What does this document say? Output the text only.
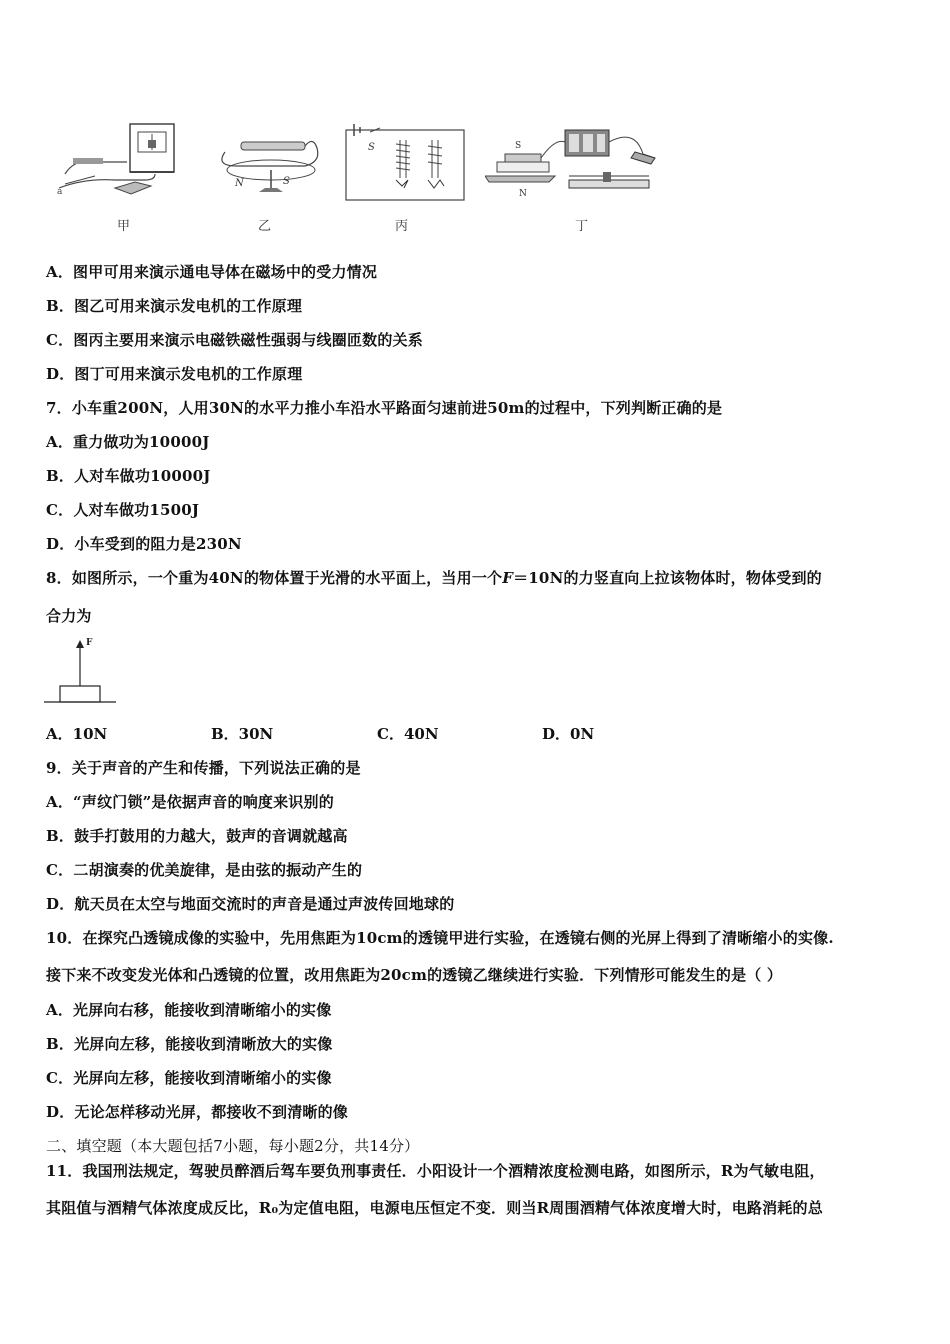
a
甲
N	S
乙
S
丙
S
N
丁
A．图甲可用来演示通电导体在磁场中的受力情况
B．图乙可用来演示发电机的工作原理
C．图丙主要用来演示电磁铁磁性强弱与线圈匝数的关系
D．图丁可用来演示发电机的工作原理
7．小车重200N，人用30N的水平力推小车沿水平路面匀速前进50m的过程中，下列判断正确的是
A．重力做功为10000J
B．人对车做功10000J
C．人对车做功1500J
D．小车受到的阻力是230N
8．如图所示，一个重为40N的物体置于光滑的水平面上，当用一个F＝10N的力竖直向上拉该物体时，物体受到的
合力为
F
A．10N	B．30N	C．40N	D．0N
9．关于声音的产生和传播，下列说法正确的是
A．“声纹门锁”是依据声音的响度来识别的
B．鼓手打鼓用的力越大，鼓声的音调就越高
C．二胡演奏的优美旋律，是由弦的振动产生的
D．航天员在太空与地面交流时的声音是通过声波传回地球的
10．在探究凸透镜成像的实验中，先用焦距为10cm的透镜甲进行实验，在透镜右侧的光屏上得到了清晰缩小的实像.
接下来不改变发光体和凸透镜的位置，改用焦距为20cm的透镜乙继续进行实验．下列情形可能发生的是（ ）
A．光屏向右移，能接收到清晰缩小的实像
B．光屏向左移，能接收到清晰放大的实像
C．光屏向左移，能接收到清晰缩小的实像
D．无论怎样移动光屏，都接收不到清晰的像
二、填空题（本大题包括7小题，每小题2分，共14分）
11．我国刑法规定，驾驶员醉酒后驾车要负刑事责任．小阳设计一个酒精浓度检测电路，如图所示，R为气敏电阻，
其阻值与酒精气体浓度成反比，R₀为定值电阻，电源电压恒定不变．则当R周围酒精气体浓度增大时，电路消耗的总
